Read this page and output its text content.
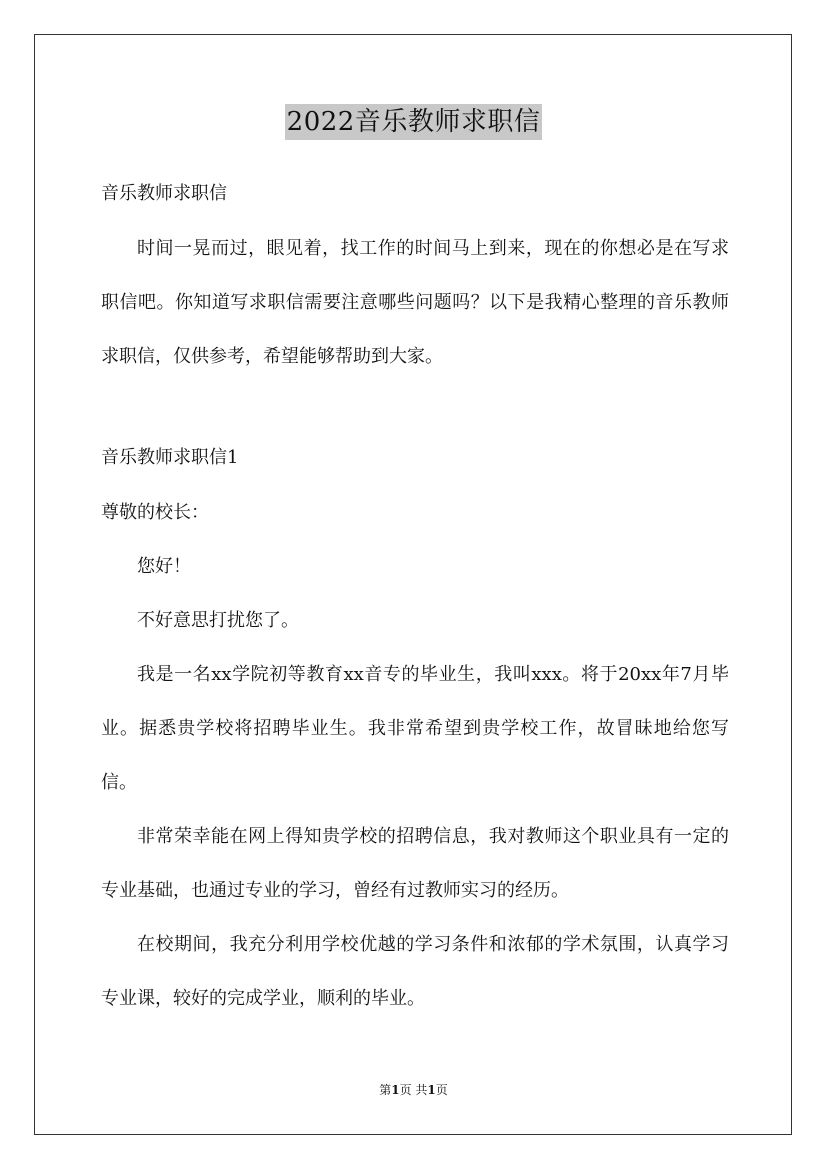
2022音乐教师求职信

音乐教师求职信

时间一晃而过，眼见着，找工作的时间马上到来，现在的你想必是在写求职信吧。你知道写求职信需要注意哪些问题吗？以下是我精心整理的音乐教师求职信，仅供参考，希望能够帮助到大家。

音乐教师求职信1

尊敬的校长：

您好！

不好意思打扰您了。

我是一名xx学院初等教育xx音专的毕业生，我叫xxx。将于20xx年7月毕业。据悉贵学校将招聘毕业生。我非常希望到贵学校工作，故冒昧地给您写信。

非常荣幸能在网上得知贵学校的招聘信息，我对教师这个职业具有一定的专业基础，也通过专业的学习，曾经有过教师实习的经历。

在校期间，我充分利用学校优越的学习条件和浓郁的学术氛围，认真学习专业课，较好的完成学业，顺利的毕业。

第1页 共1页
